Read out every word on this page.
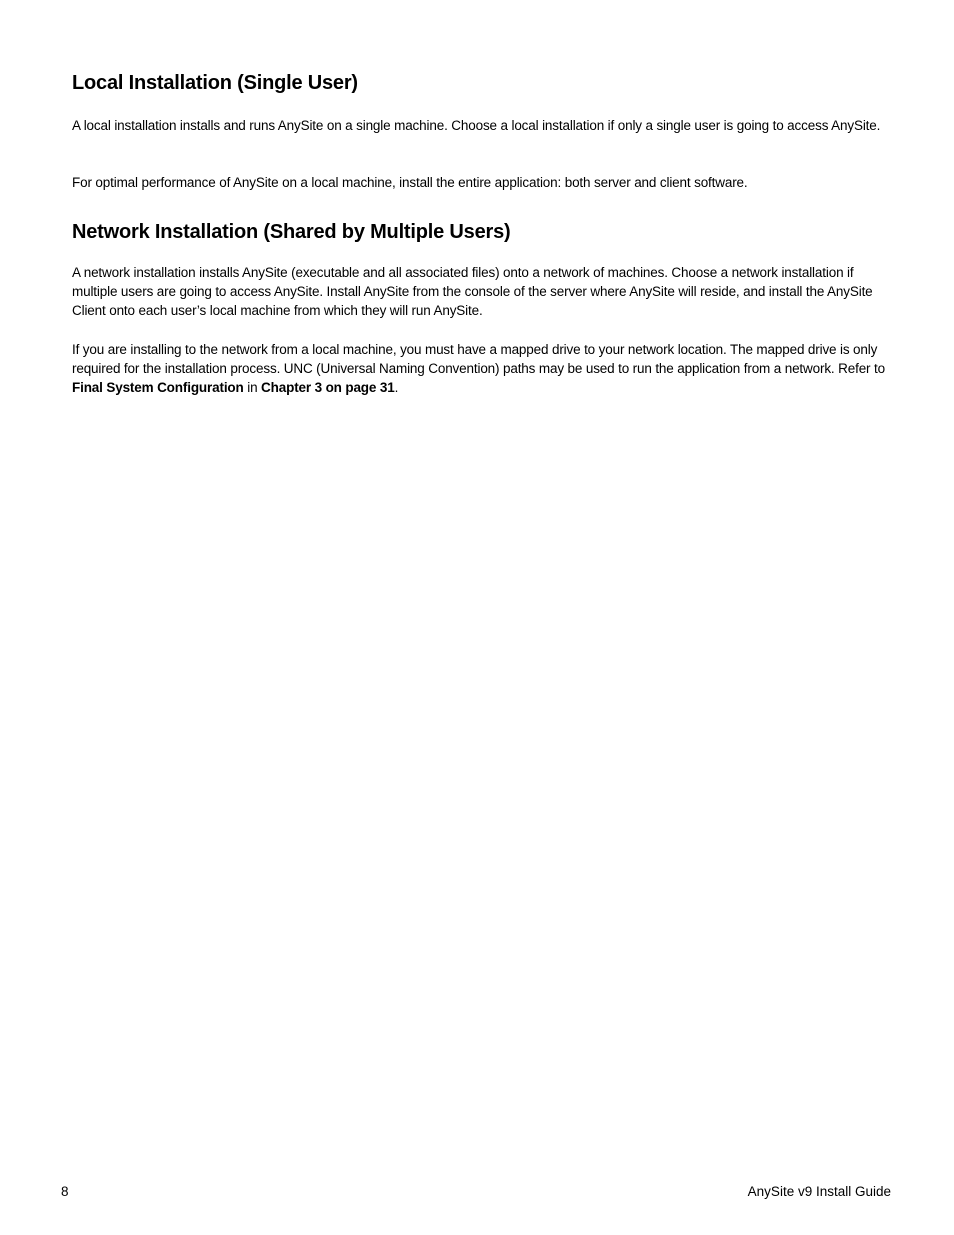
Local Installation (Single User)

A local installation installs and runs AnySite on a single machine. Choose a local installation if only a single user is going to access AnySite.

For optimal performance of AnySite on a local machine, install the entire application: both server and client software.

Network Installation (Shared by Multiple Users)

A network installation installs AnySite (executable and all associated files) onto a network of machines. Choose a network installation if multiple users are going to access AnySite. Install AnySite from the console of the server where AnySite will reside, and install the AnySite Client onto each user’s local machine from which they will run AnySite.

If you are installing to the network from a local machine, you must have a mapped drive to your network location. The mapped drive is only required for the installation process. UNC (Universal Naming Convention) paths may be used to run the application from a network. Refer to Final System Configuration in Chapter 3 on page 31.

8	AnySite v9 Install Guide
